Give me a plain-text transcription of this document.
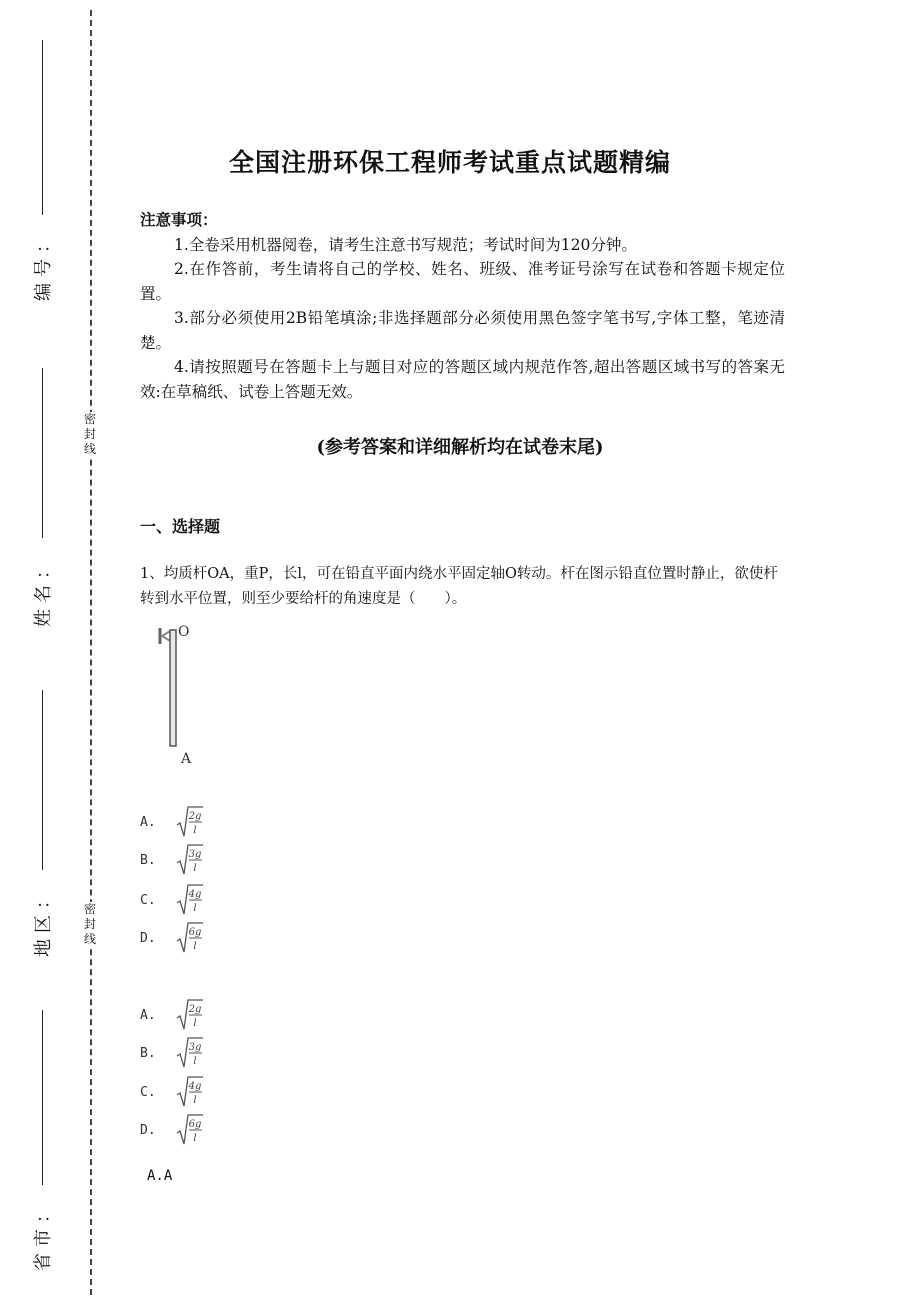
编号：
姓名：
地区：
省市：
密封线
密封线
全国注册环保工程师考试重点试题精编
注意事项：

1.全卷采用机器阅卷，请考生注意书写规范；考试时间为120分钟。

2.在作答前，考生请将自己的学校、姓名、班级、准考证号涂写在试卷和答题卡规定位置。

3.部分必须使用2B铅笔填涂;非选择题部分必须使用黑色签字笔书写,字体工整，笔迹清楚。

4.请按照题号在答题卡上与题目对应的答题区域内规范作答,超出答题区域书写的答案无效:在草稿纸、试卷上答题无效。

(参考答案和详细解析均在试卷末尾)
一、选择题
1、均质杆OA，重P，长l，可在铅直平面内绕水平固定轴O转动。杆在图示铅直位置时静止，欲使杆转到水平位置，则至少要给杆的角速度是（　　）。
O
A
A.	2g
l
B.	3g
l
C.	4g
l
D.	6g
l
A.	2g
l
B.	3g
l
C.	4g
l
D.	6g
l
A.A
